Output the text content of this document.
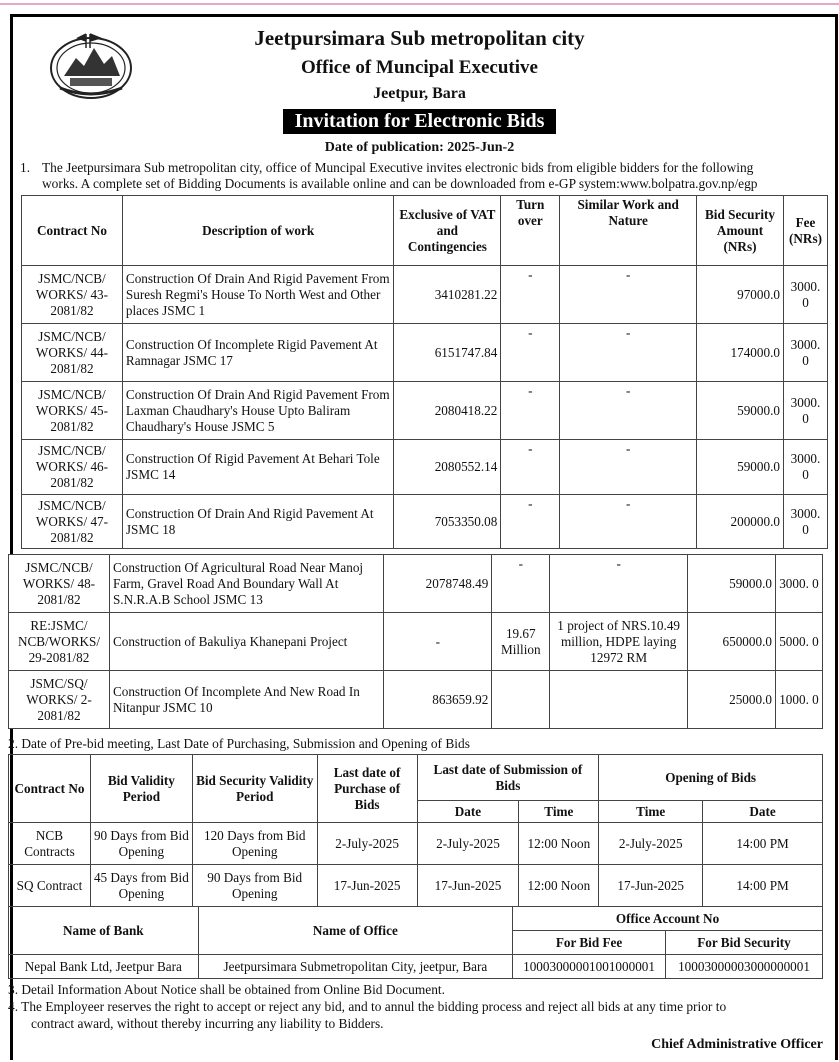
Jeetpursimara Sub metropolitan city
Office of Muncipal Executive
Jeetpur, Bara
Invitation for Electronic Bids
Date of publication: 2025-Jun-2
1. The Jeetpursimara Sub metropolitan city, office of Muncipal Executive invites electronic bids from eligible bidders for the following
works. A complete set of Bidding Documents is available online and can be downloaded from e-GP system:www.bolpatra.gov.np/egp
Contract No	Description of work	Exclusive of VAT and Contingencies	Turn over	Similar Work and Nature	Bid Security Amount (NRs)	Fee (NRs)
JSMC/NCB/ WORKS/ 43-2081/82	Construction Of Drain And Rigid Pavement From Suresh Regmi's House To North West and Other places JSMC 1	3410281.22	-	-	97000.0	3000. 0
JSMC/NCB/ WORKS/ 44-2081/82	Construction Of Incomplete Rigid Pavement At Ramnagar JSMC 17	6151747.84	-	-	174000.0	3000. 0
JSMC/NCB/ WORKS/ 45-2081/82	Construction Of Drain And Rigid Pavement From Laxman Chaudhary's House Upto Baliram Chaudhary's House JSMC 5	2080418.22	-	-	59000.0	3000. 0
JSMC/NCB/ WORKS/ 46-2081/82	Construction Of Rigid Pavement At Behari Tole JSMC 14	2080552.14	-	-	59000.0	3000. 0
JSMC/NCB/ WORKS/ 47-2081/82	Construction Of Drain And Rigid Pavement At JSMC 18	7053350.08	-	-	200000.0	3000. 0
JSMC/NCB/ WORKS/ 48-2081/82	Construction Of Agricultural Road Near Manoj Farm, Gravel Road And Boundary Wall At S.N.R.A.B School JSMC 13	2078748.49	-	-	59000.0	3000. 0
RE:JSMC/ NCB/WORKS/ 29-2081/82	Construction of Bakuliya Khanepani Project	-	19.67 Million	1 project of NRS.10.49 million, HDPE laying 12972 RM	650000.0	5000. 0
JSMC/SQ/ WORKS/ 2-2081/82	Construction Of Incomplete And New Road In Nitanpur JSMC 10	863659.92			25000.0	1000. 0
2. Date of Pre-bid meeting, Last Date of Purchasing, Submission and Opening of Bids
Contract No	Bid Validity Period	Bid Security Validity Period	Last date of Purchase of Bids	Last date of Submission of Bids		Opening of Bids	
				Date	Time	Time	Date
NCB Contracts	90 Days from Bid Opening	120 Days from Bid Opening	2-July-2025	2-July-2025	12:00 Noon	2-July-2025	14:00 PM
SQ Contract	45 Days from Bid Opening	90 Days from Bid Opening	17-Jun-2025	17-Jun-2025	12:00 Noon	17-Jun-2025	14:00 PM
Name of Bank	Name of Office	Office Account No	
		For Bid Fee	For Bid Security
Nepal Bank Ltd, Jeetpur Bara	Jeetpursimara Submetropolitan City, jeetpur, Bara	10003000001001000001	10003000003000000001
3. Detail Information About Notice shall be obtained from Online Bid Document.
4. The Employeer reserves the right to accept or reject any bid, and to annul the bidding process and reject all bids at any time prior to
contract award, without thereby incurring any liability to Bidders.
Chief Administrative Officer
